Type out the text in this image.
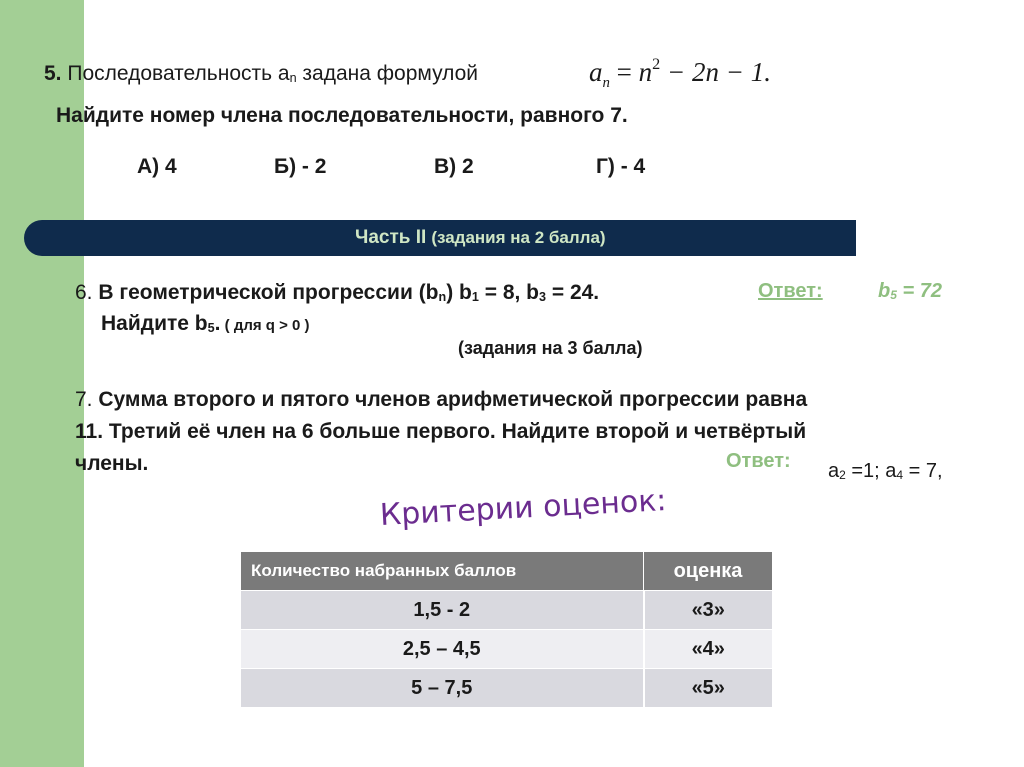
5. Последовательность $a_n$ задана формулой	$a_n = n^2 - 2n - 1$.
Найдите номер члена последовательности, равного 7.
А) 4	Б) - 2	В) 2	Г) - 4
Часть II (задания на 2 балла)
6. В геометрической прогрессии $(b_n) b_1 = 8$, $b_3 = 24$.
Найдите $b_5$. ( для q > 0 )
Ответ:	$b_5 = 72$
(задания на 3 балла)
7. Сумма второго и пятого членов арифметической прогрессии равна
11. Третий её член на 6 больше первого. Найдите второй и четвёртый
члены.	Ответ: $a_2 =1$; $a_4 = 7$,
Критерии оценок:
Количество набранных баллов	оценка
1,5 - 2	«3»
2,5 – 4,5	«4»
5 – 7,5	«5»
